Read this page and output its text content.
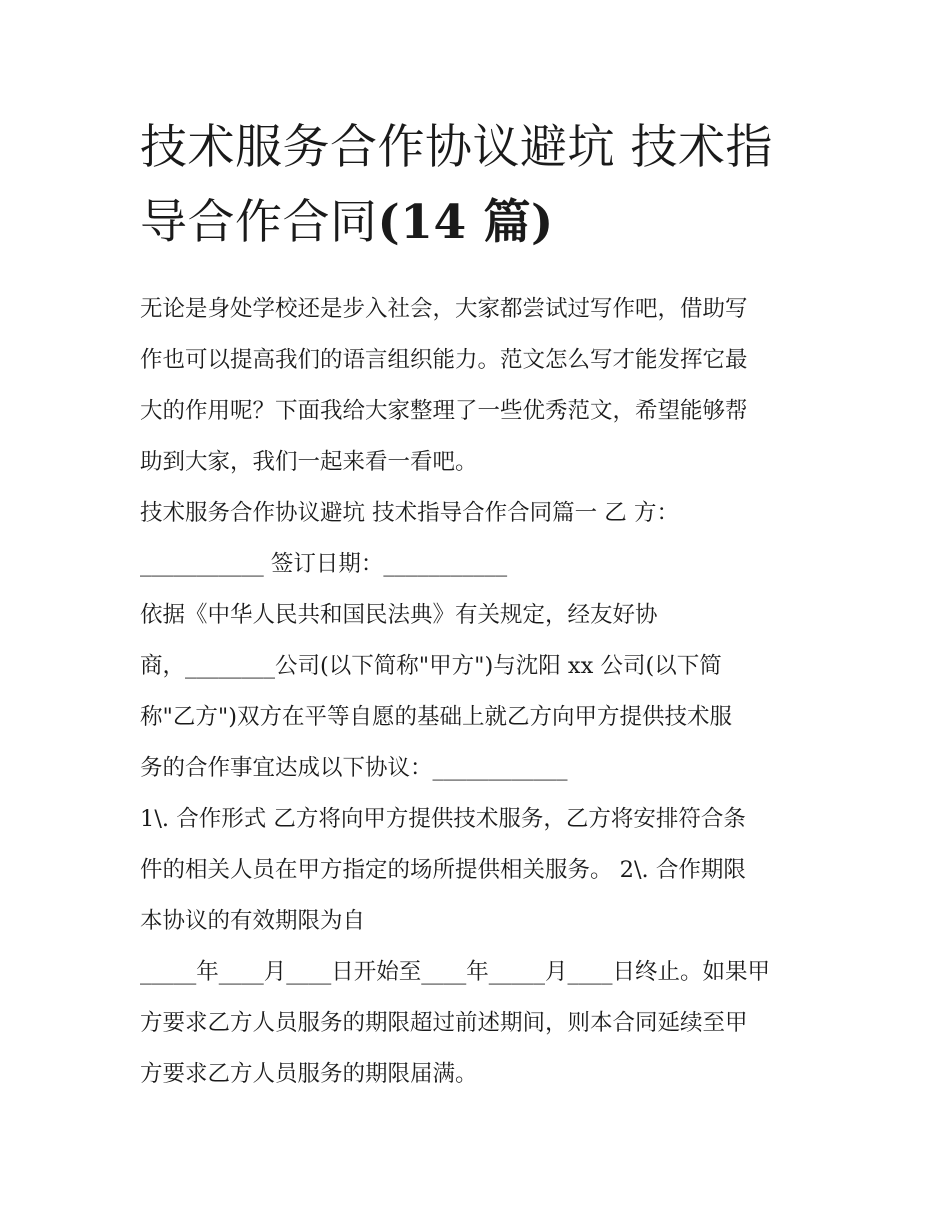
技术服务合作协议避坑 技术指
导合作合同(14 篇)
无论是身处学校还是步入社会，大家都尝试过写作吧，借助写
作也可以提高我们的语言组织能力。范文怎么写才能发挥它最
大的作用呢？下面我给大家整理了一些优秀范文，希望能够帮
助到大家，我们一起来看一看吧。
技术服务合作协议避坑 技术指导合作合同篇一 乙 方：
___________ 签订日期：___________
依据《中华人民共和国民法典》有关规定，经友好协
商，________公司(以下简称"甲方")与沈阳 xx 公司(以下简
称"乙方")双方在平等自愿的基础上就乙方向甲方提供技术服
务的合作事宜达成以下协议：____________
1\. 合作形式 乙方将向甲方提供技术服务，乙方将安排符合条
件的相关人员在甲方指定的场所提供相关服务。 2\. 合作期限
本协议的有效期限为自
_____年____月____日开始至____年_____月____日终止。如果甲
方要求乙方人员服务的期限超过前述期间，则本合同延续至甲
方要求乙方人员服务的期限届满。
